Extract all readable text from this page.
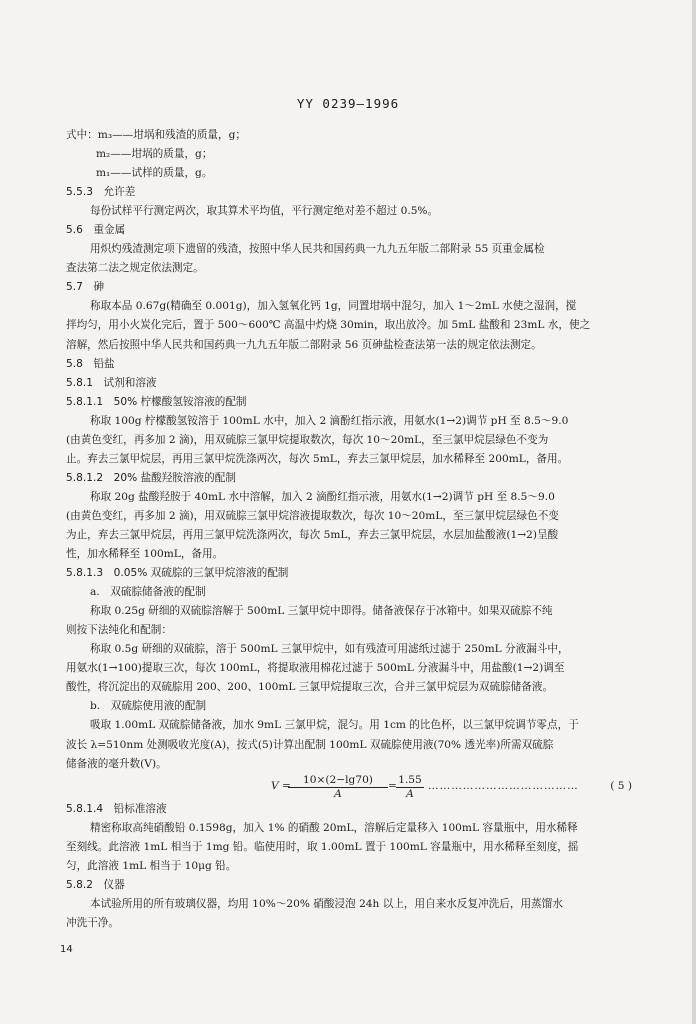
YY 0239—1996
式中：m₃——坩埚和残渣的质量，g；
m₂——坩埚的质量，g；
m₁——试样的质量，g。
5.5.3　允许差
每份试样平行测定两次，取其算术平均值，平行测定绝对差不超过 0.5%。
5.6　重金属
用炽灼残渣测定项下遗留的残渣，按照中华人民共和国药典一九九五年版二部附录 55 页重金属检
查法第二法之规定依法测定。
5.7　砷
称取本品 0.67g(精确至 0.001g)，加入氢氧化钙 1g，同置坩埚中混匀，加入 1～2mL 水使之湿润，搅
拌均匀，用小火炭化完后，置于 500～600℃ 高温中灼烧 30min，取出放冷。加 5mL 盐酸和 23mL 水，使之
溶解，然后按照中华人民共和国药典一九九五年版二部附录 56 页砷盐检查法第一法的规定依法测定。
5.8　铅盐
5.8.1　试剂和溶液
5.8.1.1　50% 柠檬酸氢铵溶液的配制
称取 100g 柠檬酸氢铵溶于 100mL 水中，加入 2 滴酚红指示液，用氨水(1→2)调节 pH 至 8.5～9.0
(由黄色变红，再多加 2 滴)，用双硫腙三氯甲烷提取数次，每次 10～20mL，至三氯甲烷层绿色不变为
止。弃去三氯甲烷层，再用三氯甲烷洗涤两次，每次 5mL，弃去三氯甲烷层，加水稀释至 200mL，备用。
5.8.1.2　20% 盐酸羟胺溶液的配制
称取 20g 盐酸羟胺于 40mL 水中溶解，加入 2 滴酚红指示液，用氨水(1→2)调节 pH 至 8.5～9.0
(由黄色变红，再多加 2 滴)，用双硫腙三氯甲烷溶液提取数次，每次 10～20mL，至三氯甲烷层绿色不变
为止，弃去三氯甲烷层，再用三氯甲烷洗涤两次，每次 5mL，弃去三氯甲烷层，水层加盐酸液(1→2)呈酸
性，加水稀释至 100mL，备用。
5.8.1.3　0.05% 双硫腙的三氯甲烷溶液的配制
a.　双硫腙储备液的配制
称取 0.25g 研细的双硫腙溶解于 500mL 三氯甲烷中即得。储备液保存于冰箱中。如果双硫腙不纯
则按下法纯化和配制：
称取 0.5g 研细的双硫腙，溶于 500mL 三氯甲烷中，如有残渣可用滤纸过滤于 250mL 分液漏斗中，
用氨水(1→100)提取三次，每次 100mL，将提取液用棉花过滤于 500mL 分液漏斗中，用盐酸(1→2)调至
酸性，将沉淀出的双硫腙用 200、200、100mL 三氯甲烷提取三次，合并三氯甲烷层为双硫腙储备液。
b.　双硫腙使用液的配制
吸取 1.00mL 双硫腙储备液，加水 9mL 三氯甲烷，混匀。用 1cm 的比色杯，以三氯甲烷调节零点，于
波长 λ=510nm 处测吸收光度(A)，按式(5)计算出配制 100mL 双硫腙使用液(70% 透光率)所需双硫腙
储备液的毫升数(V)。
V =
$\frac{10\times(2-\lg 70)}{A} = \frac{1.55}{A}$ …………………………………	( 5 )
5.8.1.4　铅标准溶液
精密称取高纯硝酸铅 0.1598g，加入 1% 的硝酸 20mL，溶解后定量移入 100mL 容量瓶中，用水稀释
至刻线。此溶液 1mL 相当于 1mg 铅。临使用时，取 1.00mL 置于 100mL 容量瓶中，用水稀释至刻度，摇
匀，此溶液 1mL 相当于 10μg 铅。
5.8.2　仪器
本试验所用的所有玻璃仪器，均用 10%～20% 硝酸浸泡 24h 以上，用自来水反复冲洗后，用蒸馏水
冲洗干净。
14
